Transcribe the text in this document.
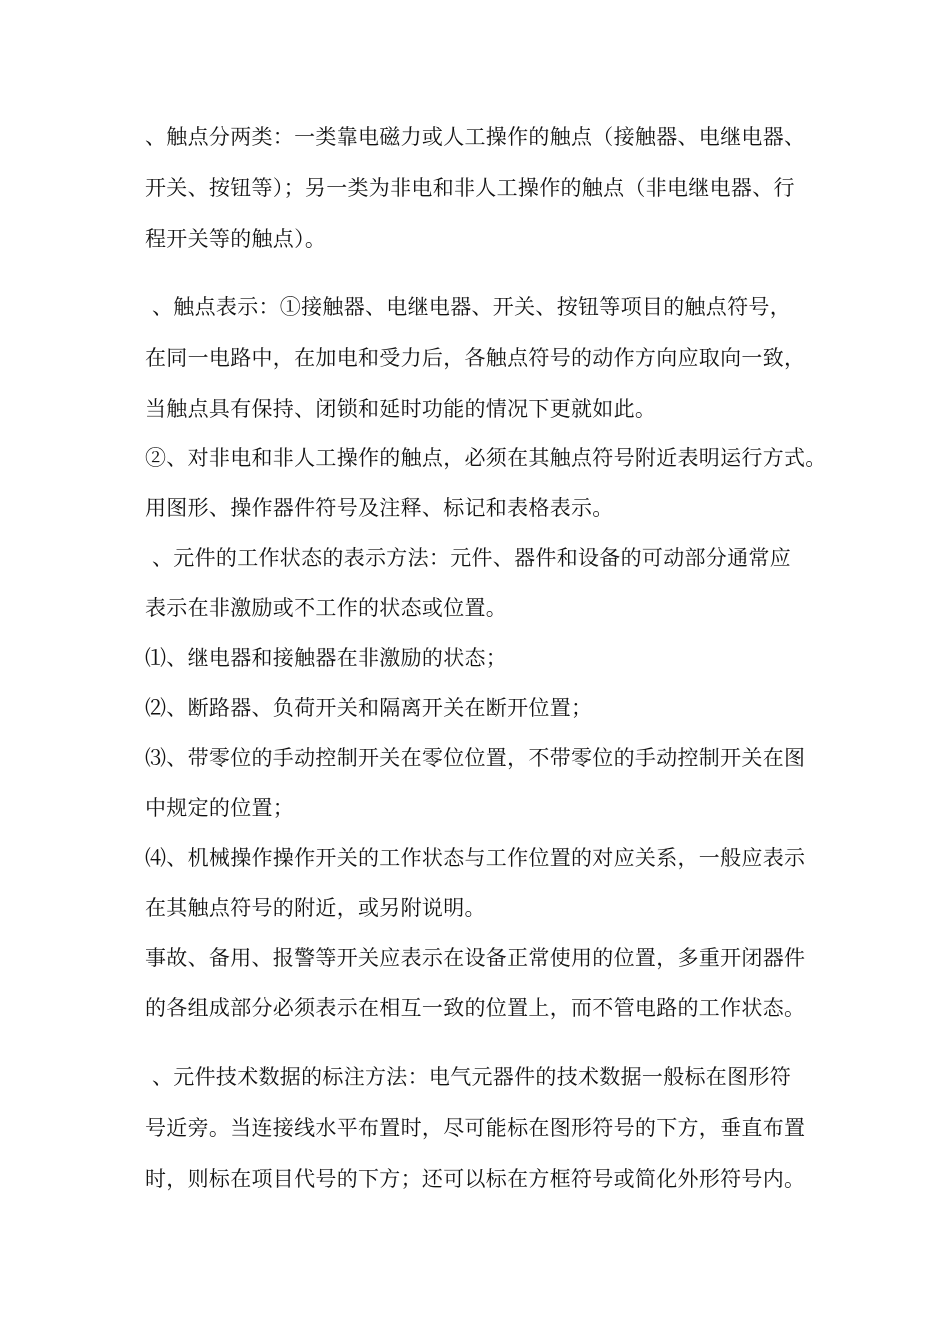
、触点分两类：一类靠电磁力或人工操作的触点（接触器、电继电器、
开关、按钮等）；另一类为非电和非人工操作的触点（非电继电器、行
程开关等的触点）。
、触点表示：①接触器、电继电器、开关、按钮等项目的触点符号，
在同一电路中，在加电和受力后，各触点符号的动作方向应取向一致，
当触点具有保持、闭锁和延时功能的情况下更就如此。
②、对非电和非人工操作的触点，必须在其触点符号附近表明运行方式。
用图形、操作器件符号及注释、标记和表格表示。
、元件的工作状态的表示方法：元件、器件和设备的可动部分通常应
表示在非激励或不工作的状态或位置。
⑴、继电器和接触器在非激励的状态；
⑵、断路器、负荷开关和隔离开关在断开位置；
⑶、带零位的手动控制开关在零位位置，不带零位的手动控制开关在图
中规定的位置；
⑷、机械操作操作开关的工作状态与工作位置的对应关系，一般应表示
在其触点符号的附近，或另附说明。
事故、备用、报警等开关应表示在设备正常使用的位置，多重开闭器件
的各组成部分必须表示在相互一致的位置上，而不管电路的工作状态。
、元件技术数据的标注方法：电气元器件的技术数据一般标在图形符
号近旁。当连接线水平布置时，尽可能标在图形符号的下方，垂直布置
时，则标在项目代号的下方；还可以标在方框符号或简化外形符号内。
